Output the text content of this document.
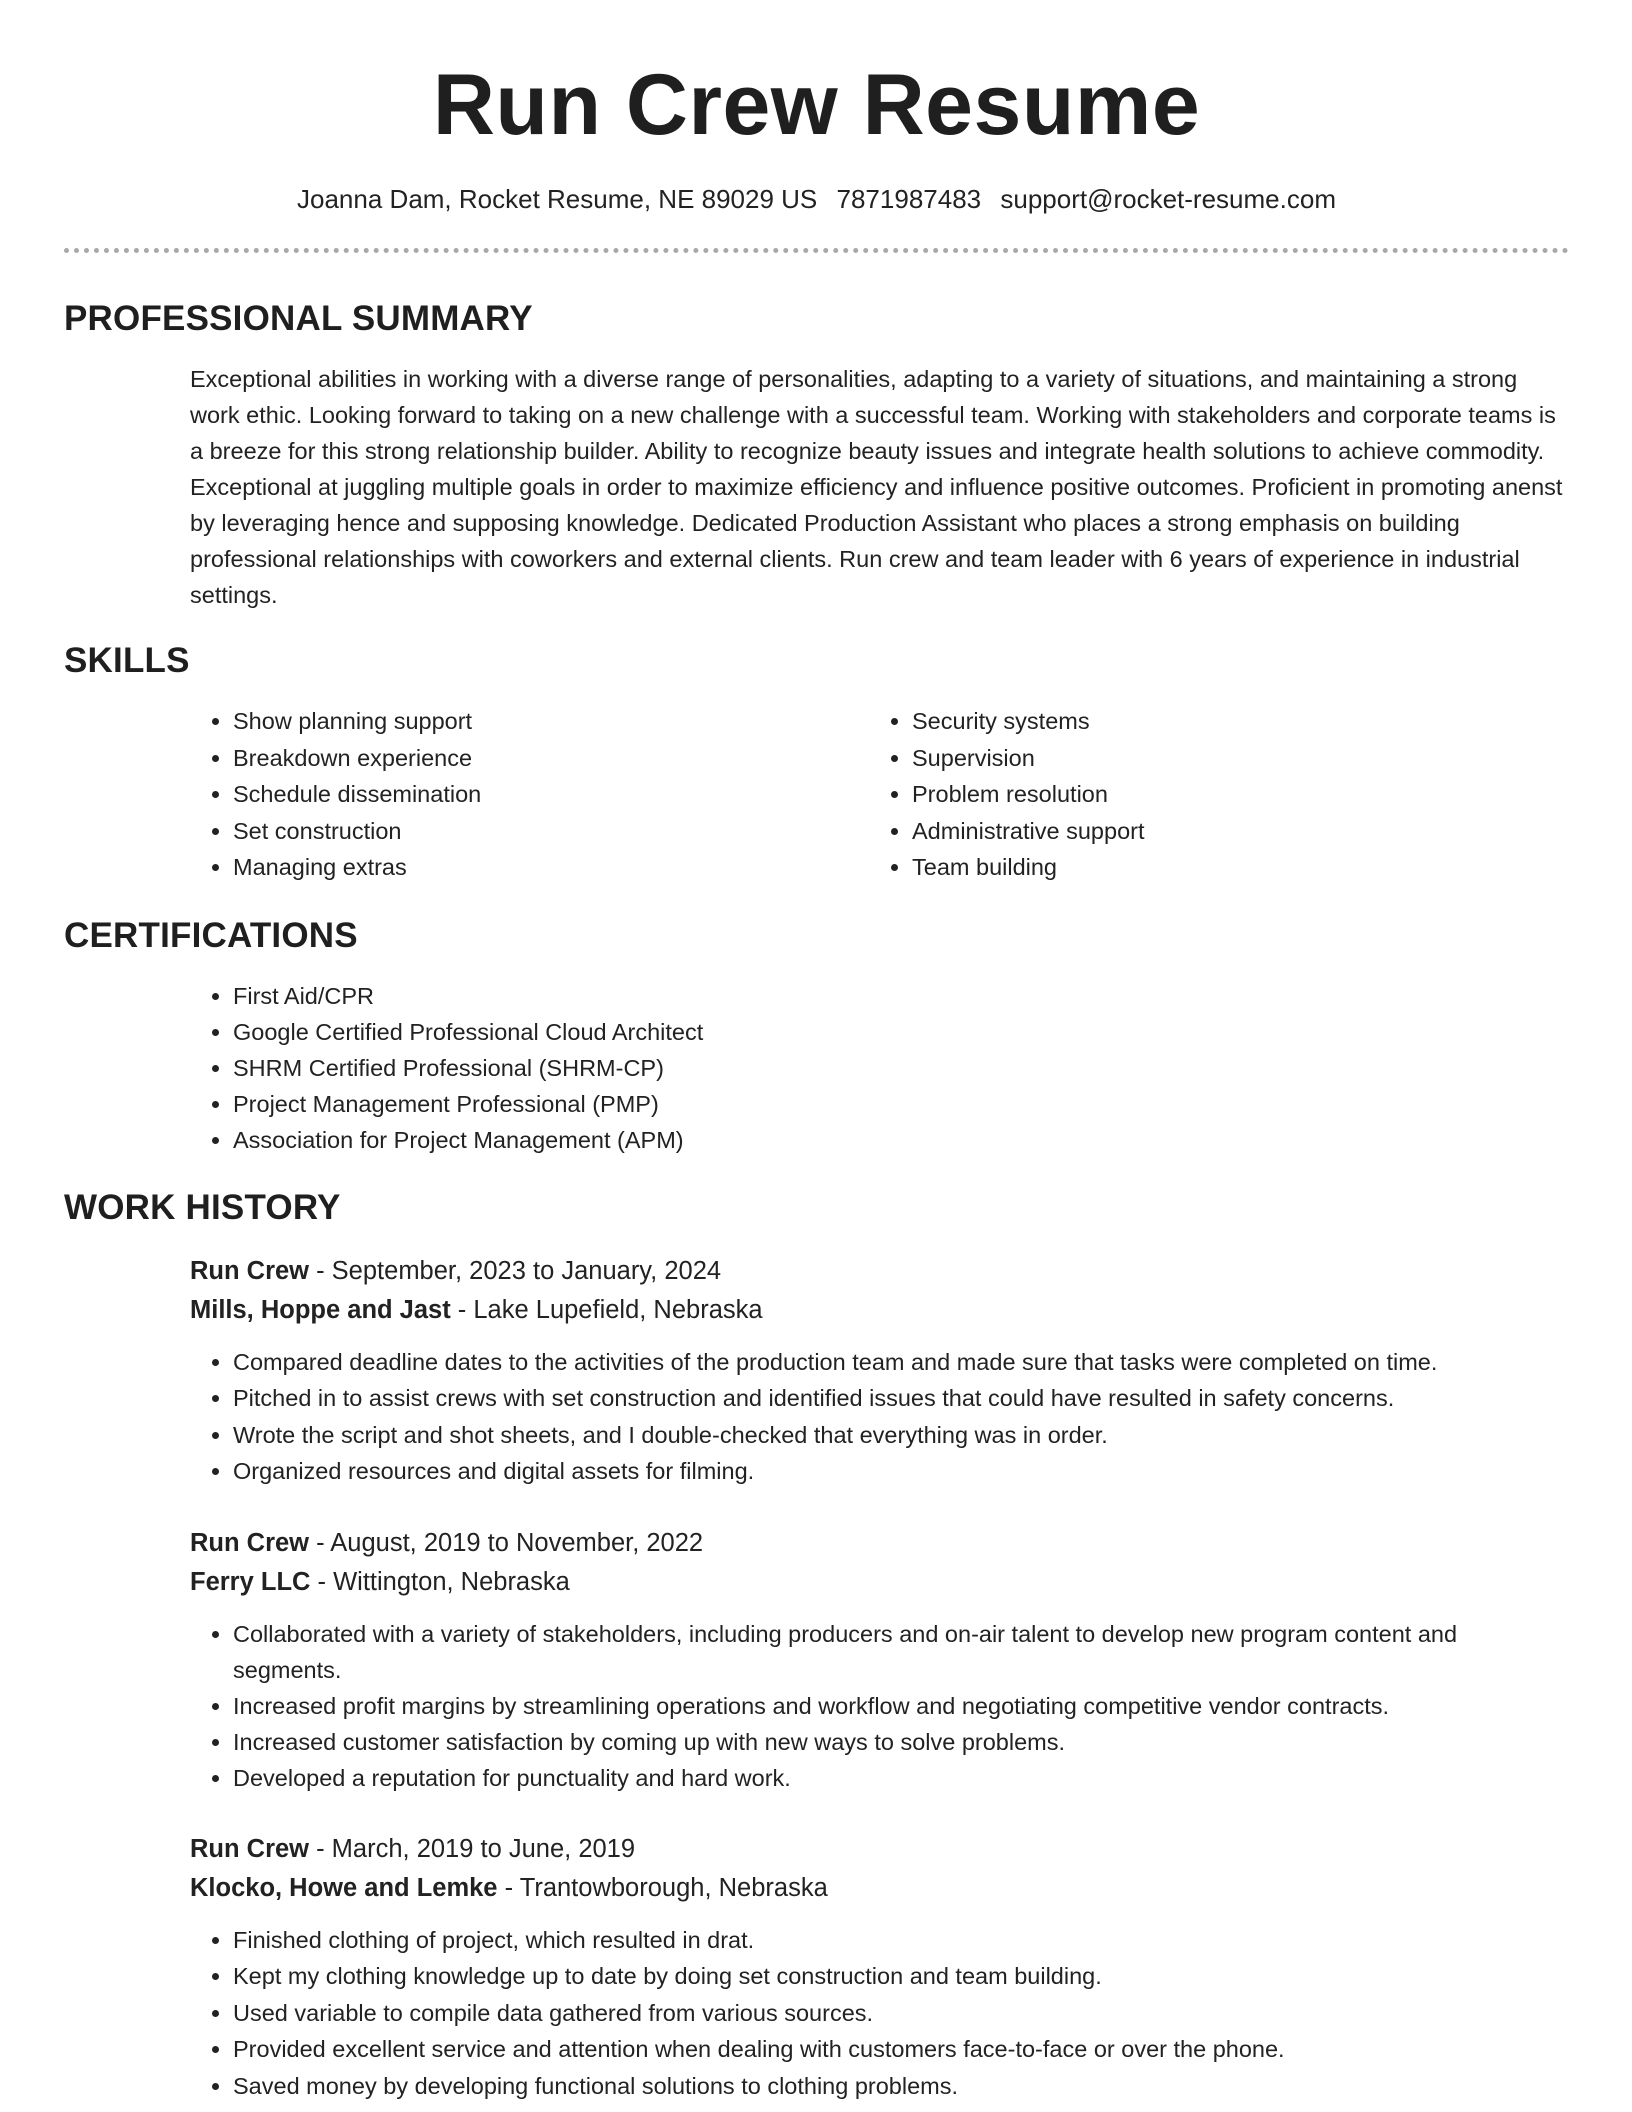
Run Crew Resume
Joanna Dam, Rocket Resume, NE 89029 US 7871987483 support@rocket-resume.com
PROFESSIONAL SUMMARY

Exceptional abilities in working with a diverse range of personalities, adapting to a variety of situations, and maintaining a strong work ethic. Looking forward to taking on a new challenge with a successful team. Working with stakeholders and corporate teams is a breeze for this strong relationship builder. Ability to recognize beauty issues and integrate health solutions to achieve commodity. Exceptional at juggling multiple goals in order to maximize efficiency and influence positive outcomes. Proficient in promoting anenst by leveraging hence and supposing knowledge. Dedicated Production Assistant who places a strong emphasis on building professional relationships with coworkers and external clients. Run crew and team leader with 6 years of experience in industrial settings.

SKILLS
• Show planning support
• Breakdown experience
• Schedule dissemination
• Set construction
• Managing extras
• Security systems
• Supervision
• Problem resolution
• Administrative support
• Team building
CERTIFICATIONS
• First Aid/CPR
• Google Certified Professional Cloud Architect
• SHRM Certified Professional (SHRM-CP)
• Project Management Professional (PMP)
• Association for Project Management (APM)
WORK HISTORY
Run Crew - September, 2023 to January, 2024
Mills, Hoppe and Jast - Lake Lupefield, Nebraska
• Compared deadline dates to the activities of the production team and made sure that tasks were completed on time.
• Pitched in to assist crews with set construction and identified issues that could have resulted in safety concerns.
• Wrote the script and shot sheets, and I double-checked that everything was in order.
• Organized resources and digital assets for filming.
Run Crew - August, 2019 to November, 2022
Ferry LLC - Wittington, Nebraska
• Collaborated with a variety of stakeholders, including producers and on-air talent to develop new program content and segments.
• Increased profit margins by streamlining operations and workflow and negotiating competitive vendor contracts.
• Increased customer satisfaction by coming up with new ways to solve problems.
• Developed a reputation for punctuality and hard work.
Run Crew - March, 2019 to June, 2019
Klocko, Howe and Lemke - Trantowborough, Nebraska
• Finished clothing of project, which resulted in drat.
• Kept my clothing knowledge up to date by doing set construction and team building.
• Used variable to compile data gathered from various sources.
• Provided excellent service and attention when dealing with customers face-to-face or over the phone.
• Saved money by developing functional solutions to clothing problems.
